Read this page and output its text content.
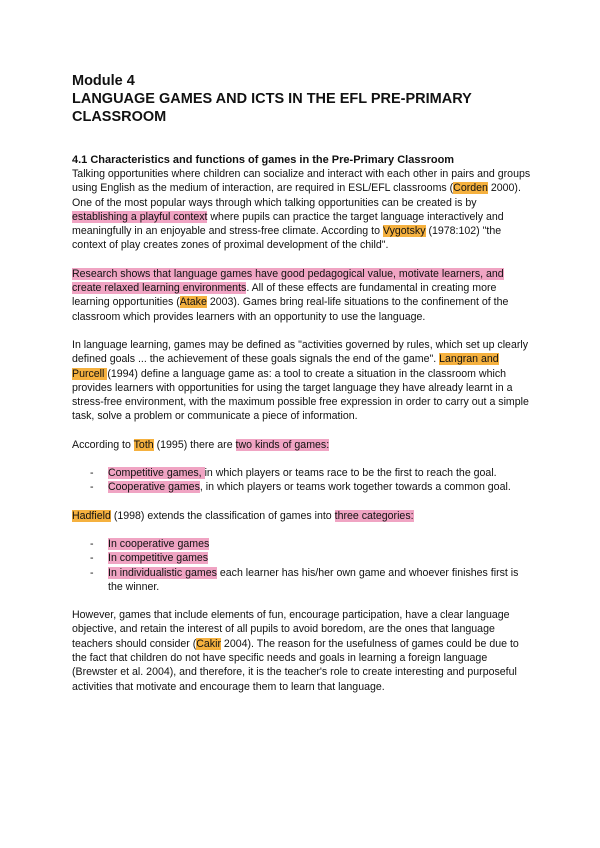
Module 4
LANGUAGE GAMES AND ICTS IN THE EFL PRE-PRIMARY CLASSROOM
4.1 Characteristics and functions of games in the Pre-Primary Classroom

Talking opportunities where children can socialize and interact with each other in pairs and groups using English as the medium of interaction, are required in ESL/EFL classrooms (Corden 2000). One of the most popular ways through which talking opportunities can be created is by establishing a playful context where pupils can practice the target language interactively and meaningfully in an enjoyable and stress-free climate. According to Vygotsky (1978:102) "the context of play creates zones of proximal development of the child".

Research shows that language games have good pedagogical value, motivate learners, and create relaxed learning environments. All of these effects are fundamental in creating more learning opportunities (Atake 2003). Games bring real-life situations to the confinement of the classroom which provides learners with an opportunity to use the language.

In language learning, games may be defined as "activities governed by rules, which set up clearly defined goals ... the achievement of these goals signals the end of the game". Langran and Purcell (1994) define a language game as: a tool to create a situation in the classroom which provides learners with opportunities for using the target language they have already learnt in a stress-free environment, with the maximum possible free expression in order to carry out a simple task, solve a problem or communicate a piece of information.

According to Toth (1995) there are two kinds of games:

- Competitive games, in which players or teams race to be the first to reach the goal.
- Cooperative games, in which players or teams work together towards a common goal.

Hadfield (1998) extends the classification of games into three categories:

- In cooperative games
- In competitive games
- In individualistic games each learner has his/her own game and whoever finishes first is the winner.

However, games that include elements of fun, encourage participation, have a clear language objective, and retain the interest of all pupils to avoid boredom, are the ones that language teachers should consider (Cakir 2004). The reason for the usefulness of games could be due to the fact that children do not have specific needs and goals in learning a foreign language (Brewster et al. 2004), and therefore, it is the teacher's role to create interesting and purposeful activities that motivate and encourage them to learn that language.
